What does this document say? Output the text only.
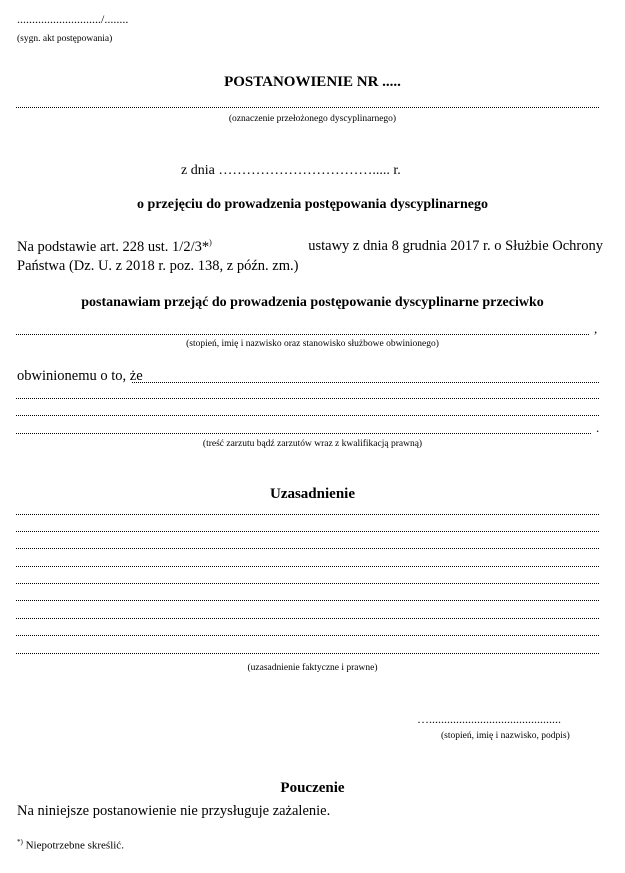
............................/........
(sygn. akt postępowania)
POSTANOWIENIE NR .....
(oznaczenie przełożonego dyscyplinarnego)
z dnia ……………………………..... r.
o przejęciu do prowadzenia postępowania dyscyplinarnego
Na podstawie art. 228 ust. 1/2/3*)	ustawy z dnia 8 grudnia 2017 r. o Służbie Ochrony
Państwa (Dz. U. z 2018 r. poz. 138, z późn. zm.)
postanawiam przejąć do prowadzenia postępowanie dyscyplinarne przeciwko
,
(stopień, imię i nazwisko oraz stanowisko służbowe obwinionego)
obwinionemu o to, że
.
(treść zarzutu bądź zarzutów wraz z kwalifikacją prawną)
Uzasadnienie
(uzasadnienie faktyczne i prawne)
…............................................
(stopień, imię i nazwisko, podpis)
Pouczenie
Na niniejsze postanowienie nie przysługuje zażalenie.
*) Niepotrzebne skreślić.
